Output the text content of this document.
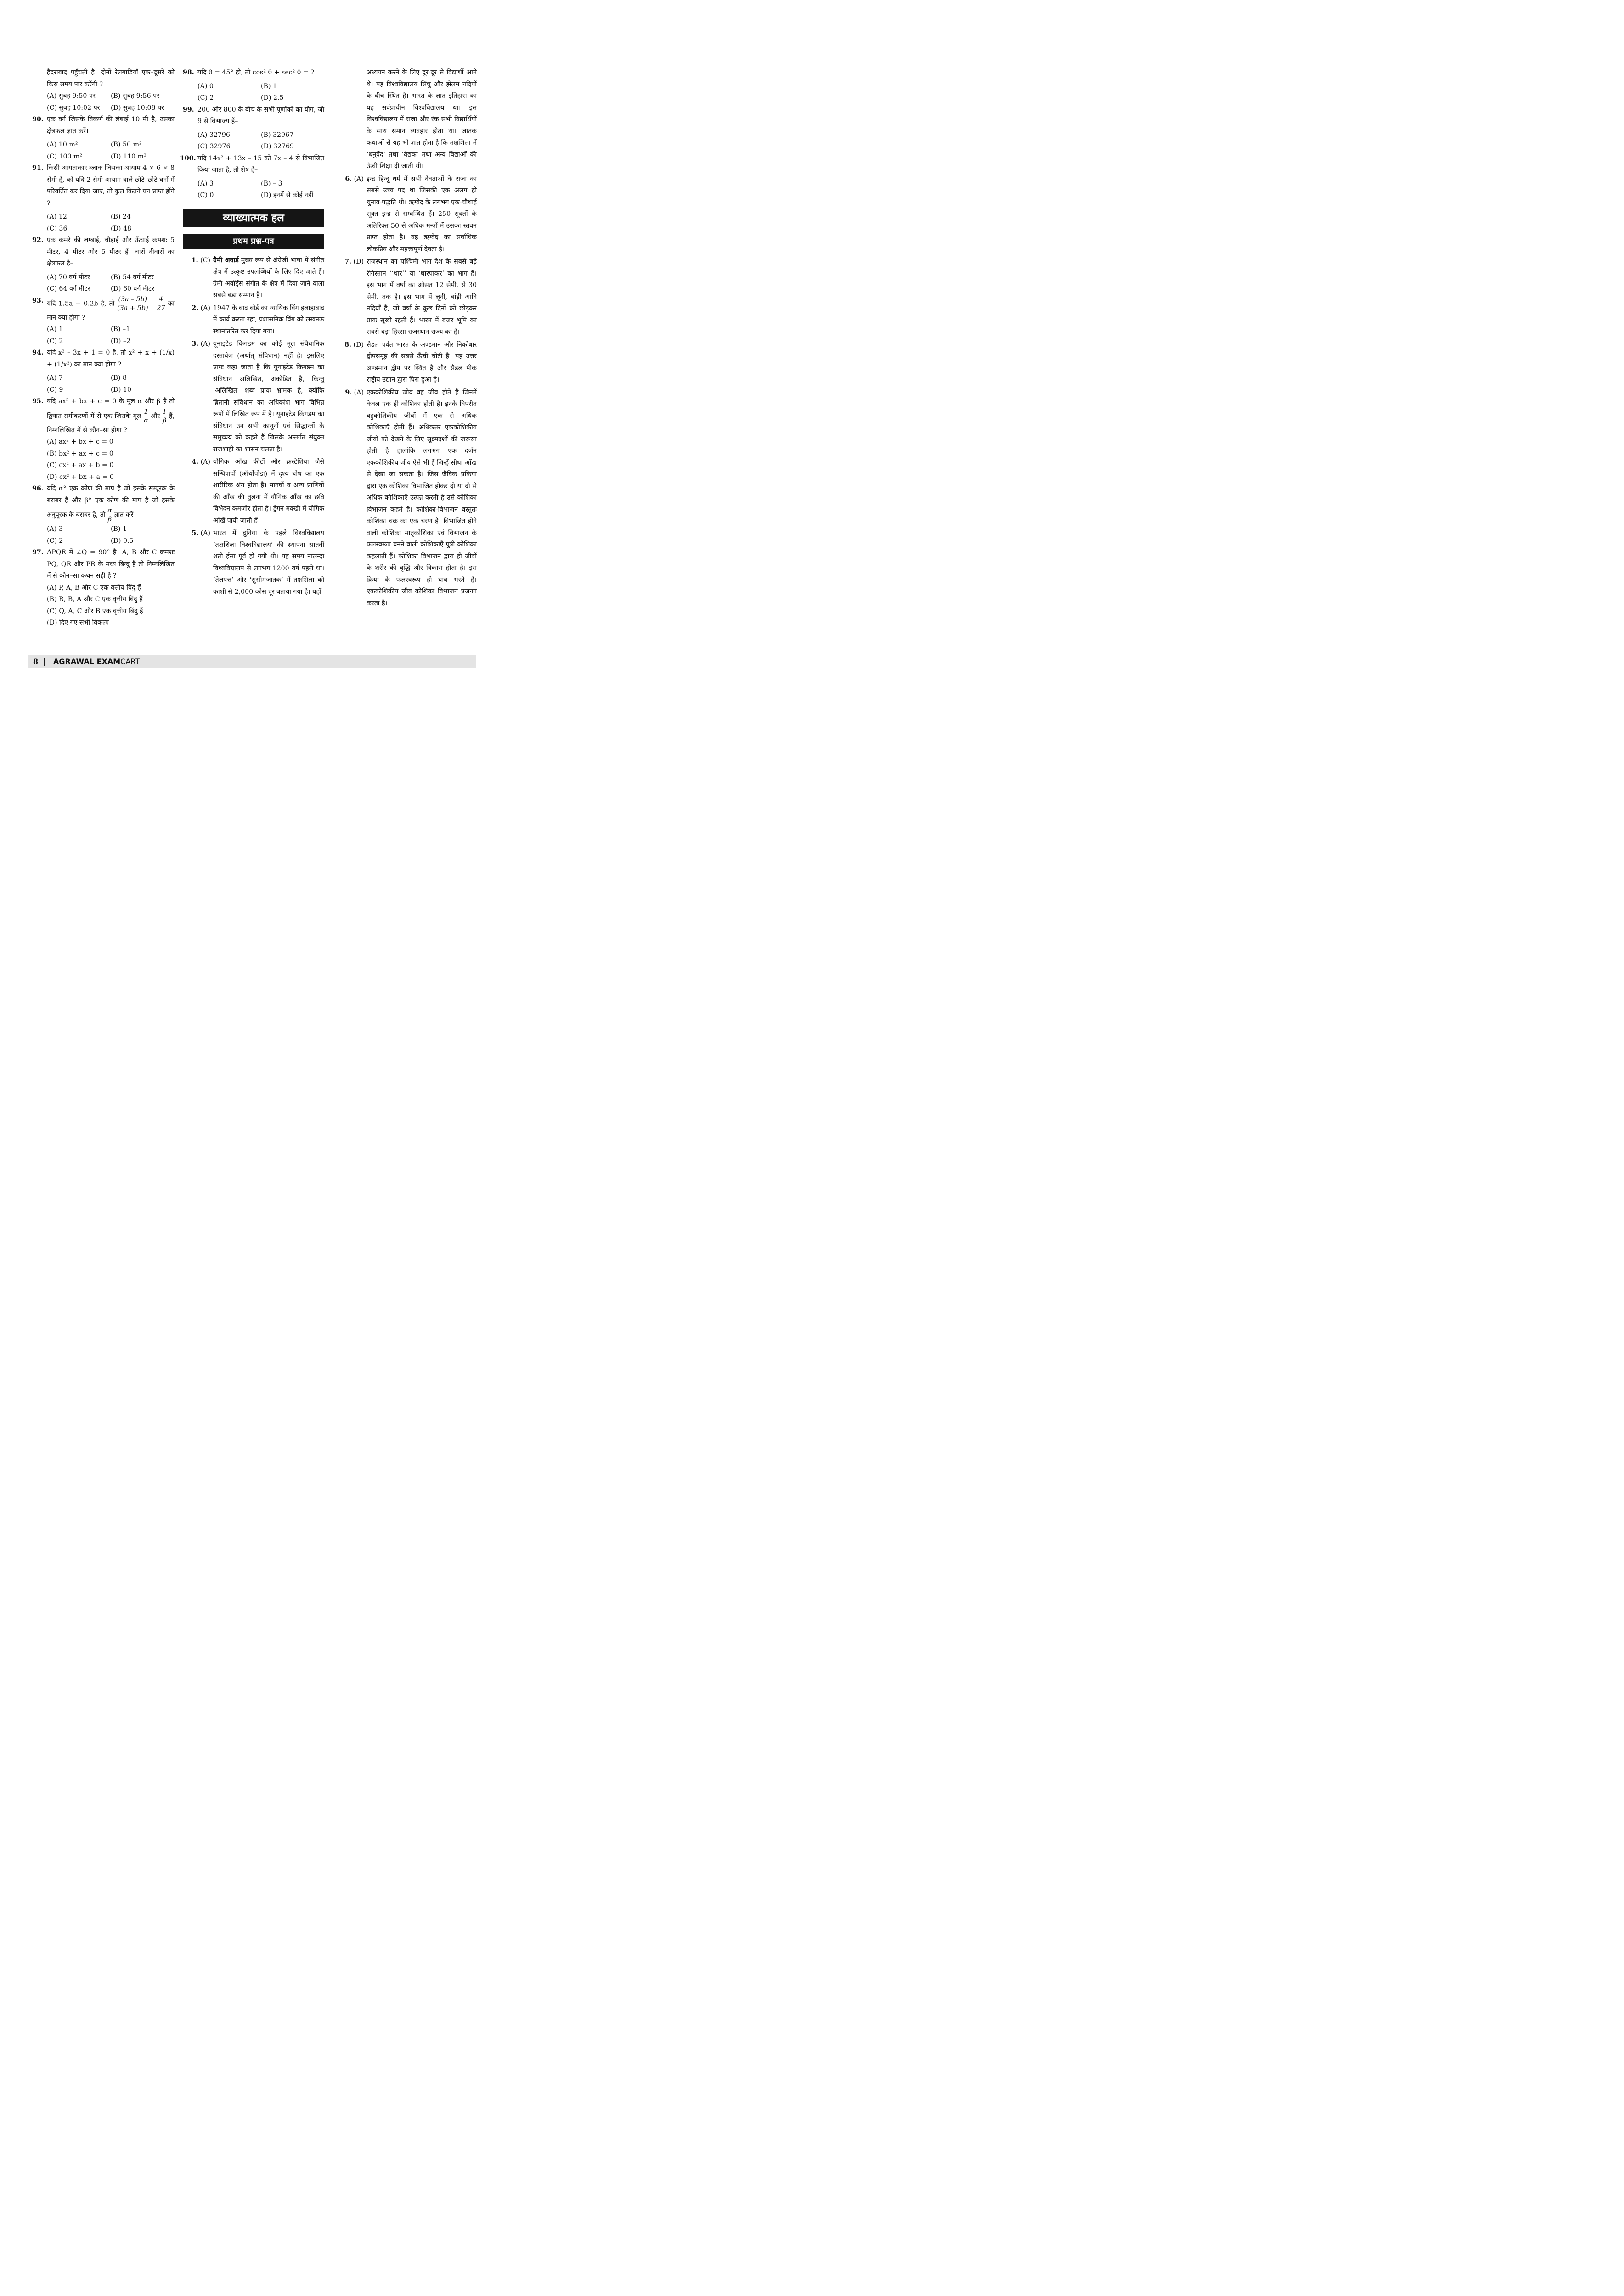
हैदराबाद पहुँचती है। दोनों रेलगाडियाँ एक–दूसरे को किस समय पार करेंगी ?
(A) सुबह 9:50 पर	(B) सुबह 9:56 पर
(C) सुबह 10:02 पर	(D) सुबह 10:08 पर
90. एक वर्ग जिसके विकर्ण की लंबाई 10 मी है, उसका क्षेत्रफल ज्ञात करें।
(A) 10 m²	(B) 50 m²
(C) 100 m²	(D) 110 m²
91. किसी आयताकार ब्लाक जिसका आयाम 4 × 6 × 8 सेमी है, को यदि 2 सेमी आयाम वाले छोटे–छोटे घनों में परिवर्तित कर दिया जाए, तो कुल कितने घन प्राप्त होंगे ?
(A) 12	(B) 24
(C) 36	(D) 48
92. एक कमरे की लम्बाई, चौड़ाई और ऊँचाई क्रमशः 5 मीटर, 4 मीटर और 5 मीटर हैं। चारों दीवारों का क्षेत्रफल है–
(A) 70 वर्ग मीटर	(B) 54 वर्ग मीटर
(C) 64 वर्ग मीटर	(D) 60 वर्ग मीटर
93. यदि 1.5a = 0.2b है, तो $\frac{(3a - 5b)}{(3a + 5b)} - \frac{4}{27}$ का मान क्या होगा ?
(A) 1	(B) –1
(C) 2	(D) –2
94. यदि x² – 3x + 1 = 0 है, तो x² + x + (1/x) + (1/x²) का मान क्या होगा ?
(A) 7	(B) 8
(C) 9	(D) 10
95. यदि ax² + bx + c = 0 के मूल α और β हैं तो द्विघात समीकरणों में से एक जिसके मूल $\frac{1}{\alpha}$ और $\frac{1}{\beta}$ हैं, निम्नलिखित में से कौन–सा होगा ?
(A) ax² + bx + c = 0
(B) bx² + ax + c = 0
(C) cx² + ax + b = 0
(D) cx² + bx + a = 0
96. यदि α° एक कोण की माप है जो इसके सम्पूरक के बराबर है और β° एक कोण की माप है जो इसके अनुपूरक के बराबर है, तो $\frac{\alpha}{\beta}$ ज्ञात करें।
(A) 3	(B) 1
(C) 2	(D) 0.5
97. ΔPQR में ∠Q = 90° है। A, B और C क्रमशः PQ, QR और PR के मध्य बिन्दु हैं तो निम्नलिखित में से कौन–सा कथन सही है ?
(A) P, A, B और C एक वृत्तीय बिंदु हैं
(B) R, B, A और C एक वृत्तीय बिंदु हैं
(C) Q, A, C और B एक वृत्तीय बिंदु हैं
(D) दिए गए सभी विकल्प
98. यदि θ = 45° हो, तो cos² θ + sec² θ = ?
(A) 0	(B) 1
(C) 2	(D) 2.5
99. 200 और 800 के बीच के सभी पूर्णांकों का योग, जो 9 से विभाज्य हैं–
(A) 32796	(B) 32967
(C) 32976	(D) 32769
100. यदि 14x² + 13x – 15 को 7x – 4 से विभाजित किया जाता है, तो शेष है–
(A) 3	(B) – 3
(C) 0	(D) इनमें से कोई नहीं
व्याख्यात्मक हल
प्रथम प्रश्न-पत्र
1. (C) ग्रैमी अवार्ड मुख्य रूप से अंग्रेजी भाषा में संगीत क्षेत्र में उत्कृष्ट उपलब्धियों के लिए दिए जाते हैं। ग्रैमी अवॉर्ड्स संगीत के क्षेत्र में दिया जाने वाला सबसे बड़ा सम्मान है।
2. (A) 1947 के बाद बोर्ड का न्यायिक विंग इलाहाबाद में कार्य करता रहा, प्रशासनिक विंग को लखनऊ स्थानांतरित कर दिया गया।
3. (A) यूनाइटेड किंगडम का कोई मूल संवैधानिक दस्तावेज (अर्थात् संविधान) नहीं है। इसलिए प्रायः कहा जाता है कि यूनाइटेड किंगडम का संविधान अलिखित, अकोडित है, किन्तु ‘अलिखित’ शब्द प्रायः भ्रामक है, क्योंकि ब्रितानी संविधान का अधिकांश भाग विभिन्न रूपों में लिखित रूप में है। यूनाइटेड किंगडम का संविधान उन सभी कानूनों एवं सिद्धान्तों के समुच्चय को कहते हैं जिसके अन्तर्गत संयुक्त राजशाही का शासन चलता है।
4. (A) यौगिक आँख कीटों और क्रस्टेशिया जैसे सन्धिपादों (ऑर्थोपोडा) में दृश्य बोध का एक शारीरिक अंग होता है। मानवों व अन्य प्राणियों की आँख की तुलना में यौगिक आँख का छवि विभेदन कमजोर होता है। ड्रेगन मक्खी में यौगिक आँखें पायी जाती हैं।
5. (A) भारत में दुनिया के पहले विश्वविद्यालय ‘तक्षशिला विश्वविद्यालय’ की स्थापना सातवीं शती ईसा पूर्व हो गयी थी। यह समय नालन्दा विश्वविद्यालय से लगभग 1200 वर्ष पहले था। ‘तेलपत्त’ और ‘सुसीमजातक’ में तक्षशिला को काशी से 2,000 कोस दूर बताया गया है। यहाँ
अध्ययन करने के लिए दूर-दूर से विद्यार्थी आते थे। यह विश्वविद्यालय सिंधु और झेलम नदियों के बीच स्थित है। भारत के ज्ञात इतिहास का यह सर्वप्राचीन विश्वविद्यालय था। इस विश्वविद्यालय में राजा और रंक सभी विद्यार्थियों के साथ समान व्यवहार होता था। जातक कथाओं से यह भी ज्ञात होता है कि तक्षशिला में ‘धनुर्वेद’ तथा ‘वैद्यक’ तथा अन्य विद्याओं की ऊँची शिक्षा दी जाती थी।
6. (A) इन्द्र हिन्दू धर्म में सभी देवताओं के राजा का सबसे उच्च पद था जिसकी एक अलग ही चुनाव-पद्धति थी। ऋग्वेद के लगभग एक-चौथाई सूक्त इन्द्र से सम्बन्धित हैं। 250 सूक्तों के अतिरिक्त 50 से अधिक मन्त्रों में उसका स्तवन प्राप्त होता है। वह ऋग्वेद का सर्वाधिक लोकप्रिय और महत्त्वपूर्ण देवता है।
7. (D) राजस्थान का पश्चिमी भाग देश के सबसे बड़े रेगिस्तान ‘‘थार’’ या ‘थारपाकर’ का भाग है। इस भाग में वर्षा का औसत 12 सेमी. से 30 सेमी. तक है। इस भाग में लूनी, बांड़ी आदि नदियाँ हैं, जो वर्षा के कुछ दिनों को छोड़कर प्रायः सूखी रहती हैं। भारत में बंजर भूमि का सबसे बड़ा हिस्सा राजस्थान राज्य का है।
8. (D) सैडल पर्वत भारत के अण्डमान और निकोबार द्वीपसमूह की सबसे ऊँची चोटी है। यह उत्तर अण्डमान द्वीप पर स्थित है और सैडल पीक राष्ट्रीय उद्यान द्वारा घिरा हुआ है।
9. (A) एककोशिकीय जीव वह जीव होते हैं जिनमें केवल एक ही कोशिका होती है। इनके विपरीत बहुकोशिकीय जीवों में एक से अधिक कोशिकाएँ होती हैं। अधिकतर एककोशिकीय जीवों को देखने के लिए सूक्ष्मदर्शी की जरूरत होती है हालांकि लगभग एक दर्जन एककोशिकीय जीव ऐसे भी हैं जिन्हें सीधा आँख से देखा जा सकता है। जिस जैविक प्रकिया द्वारा एक कोशिका विभाजित होकर दो या दो से अधिक कोशिकाएँ उत्पन्न करती है उसे कोशिका विभाजन कहते हैं। कोशिका-विभाजन वस्तुतः कोशिका चक्र का एक चरण है। विभाजित होने वाली कोशिका मातृकोशिका एवं विभाजन के फलस्वरूप बनने वाली कोशिकाएँ पुत्री कोशिका कहलाती हैं। कोशिका विभाजन द्वारा ही जीवों के शरीर की वृद्धि और विकास होता है। इस क्रिया के फलस्वरूप ही घाव भरते हैं। एककोशिकीय जीव कोशिका विभाजन प्रजनन करता है।
8 | AGRAWAL EXAMCART
